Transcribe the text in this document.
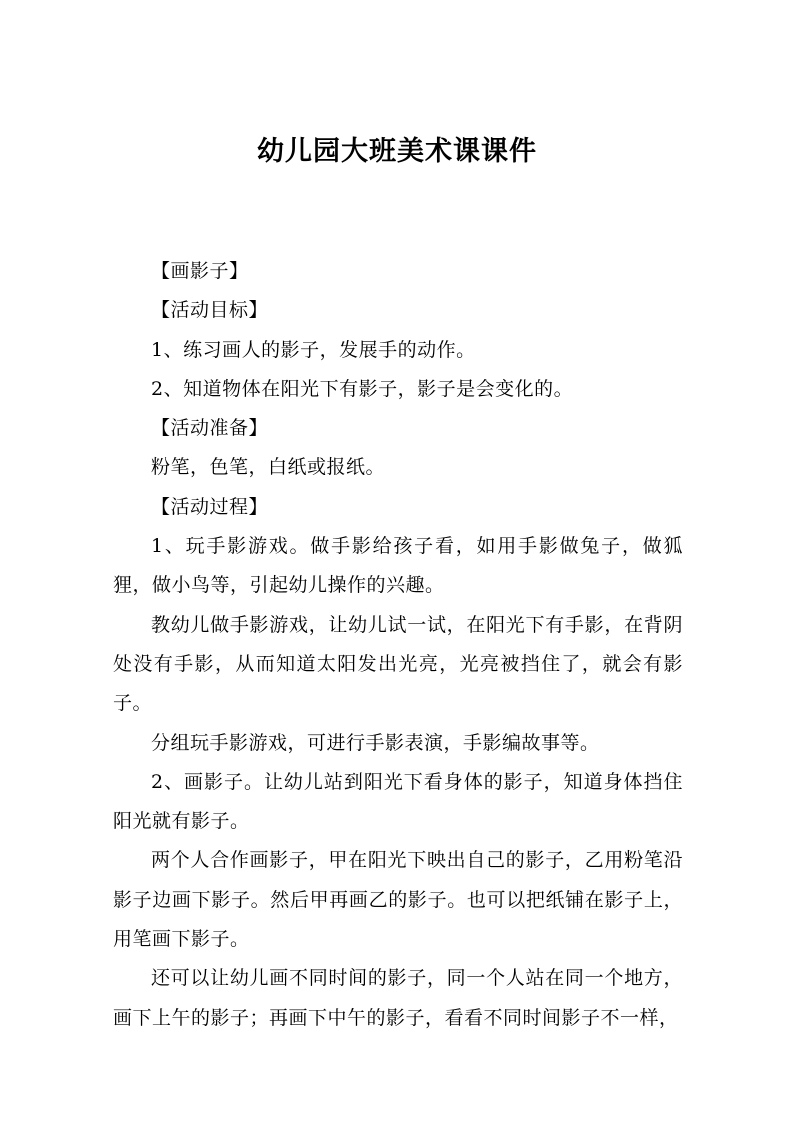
幼儿园大班美术课课件

【画影子】

【活动目标】

1、练习画人的影子，发展手的动作。

2、知道物体在阳光下有影子，影子是会变化的。

【活动准备】

粉笔，色笔，白纸或报纸。

【活动过程】

1、玩手影游戏。做手影给孩子看，如用手影做兔子，做狐狸，做小鸟等，引起幼儿操作的兴趣。

教幼儿做手影游戏，让幼儿试一试，在阳光下有手影，在背阴处没有手影，从而知道太阳发出光亮，光亮被挡住了，就会有影子。

分组玩手影游戏，可进行手影表演，手影编故事等。

2、画影子。让幼儿站到阳光下看身体的影子，知道身体挡住阳光就有影子。

两个人合作画影子，甲在阳光下映出自己的影子，乙用粉笔沿影子边画下影子。然后甲再画乙的影子。也可以把纸铺在影子上，用笔画下影子。

还可以让幼儿画不同时间的影子，同一个人站在同一个地方，画下上午的影子；再画下中午的影子，看看不同时间影子不一样，
